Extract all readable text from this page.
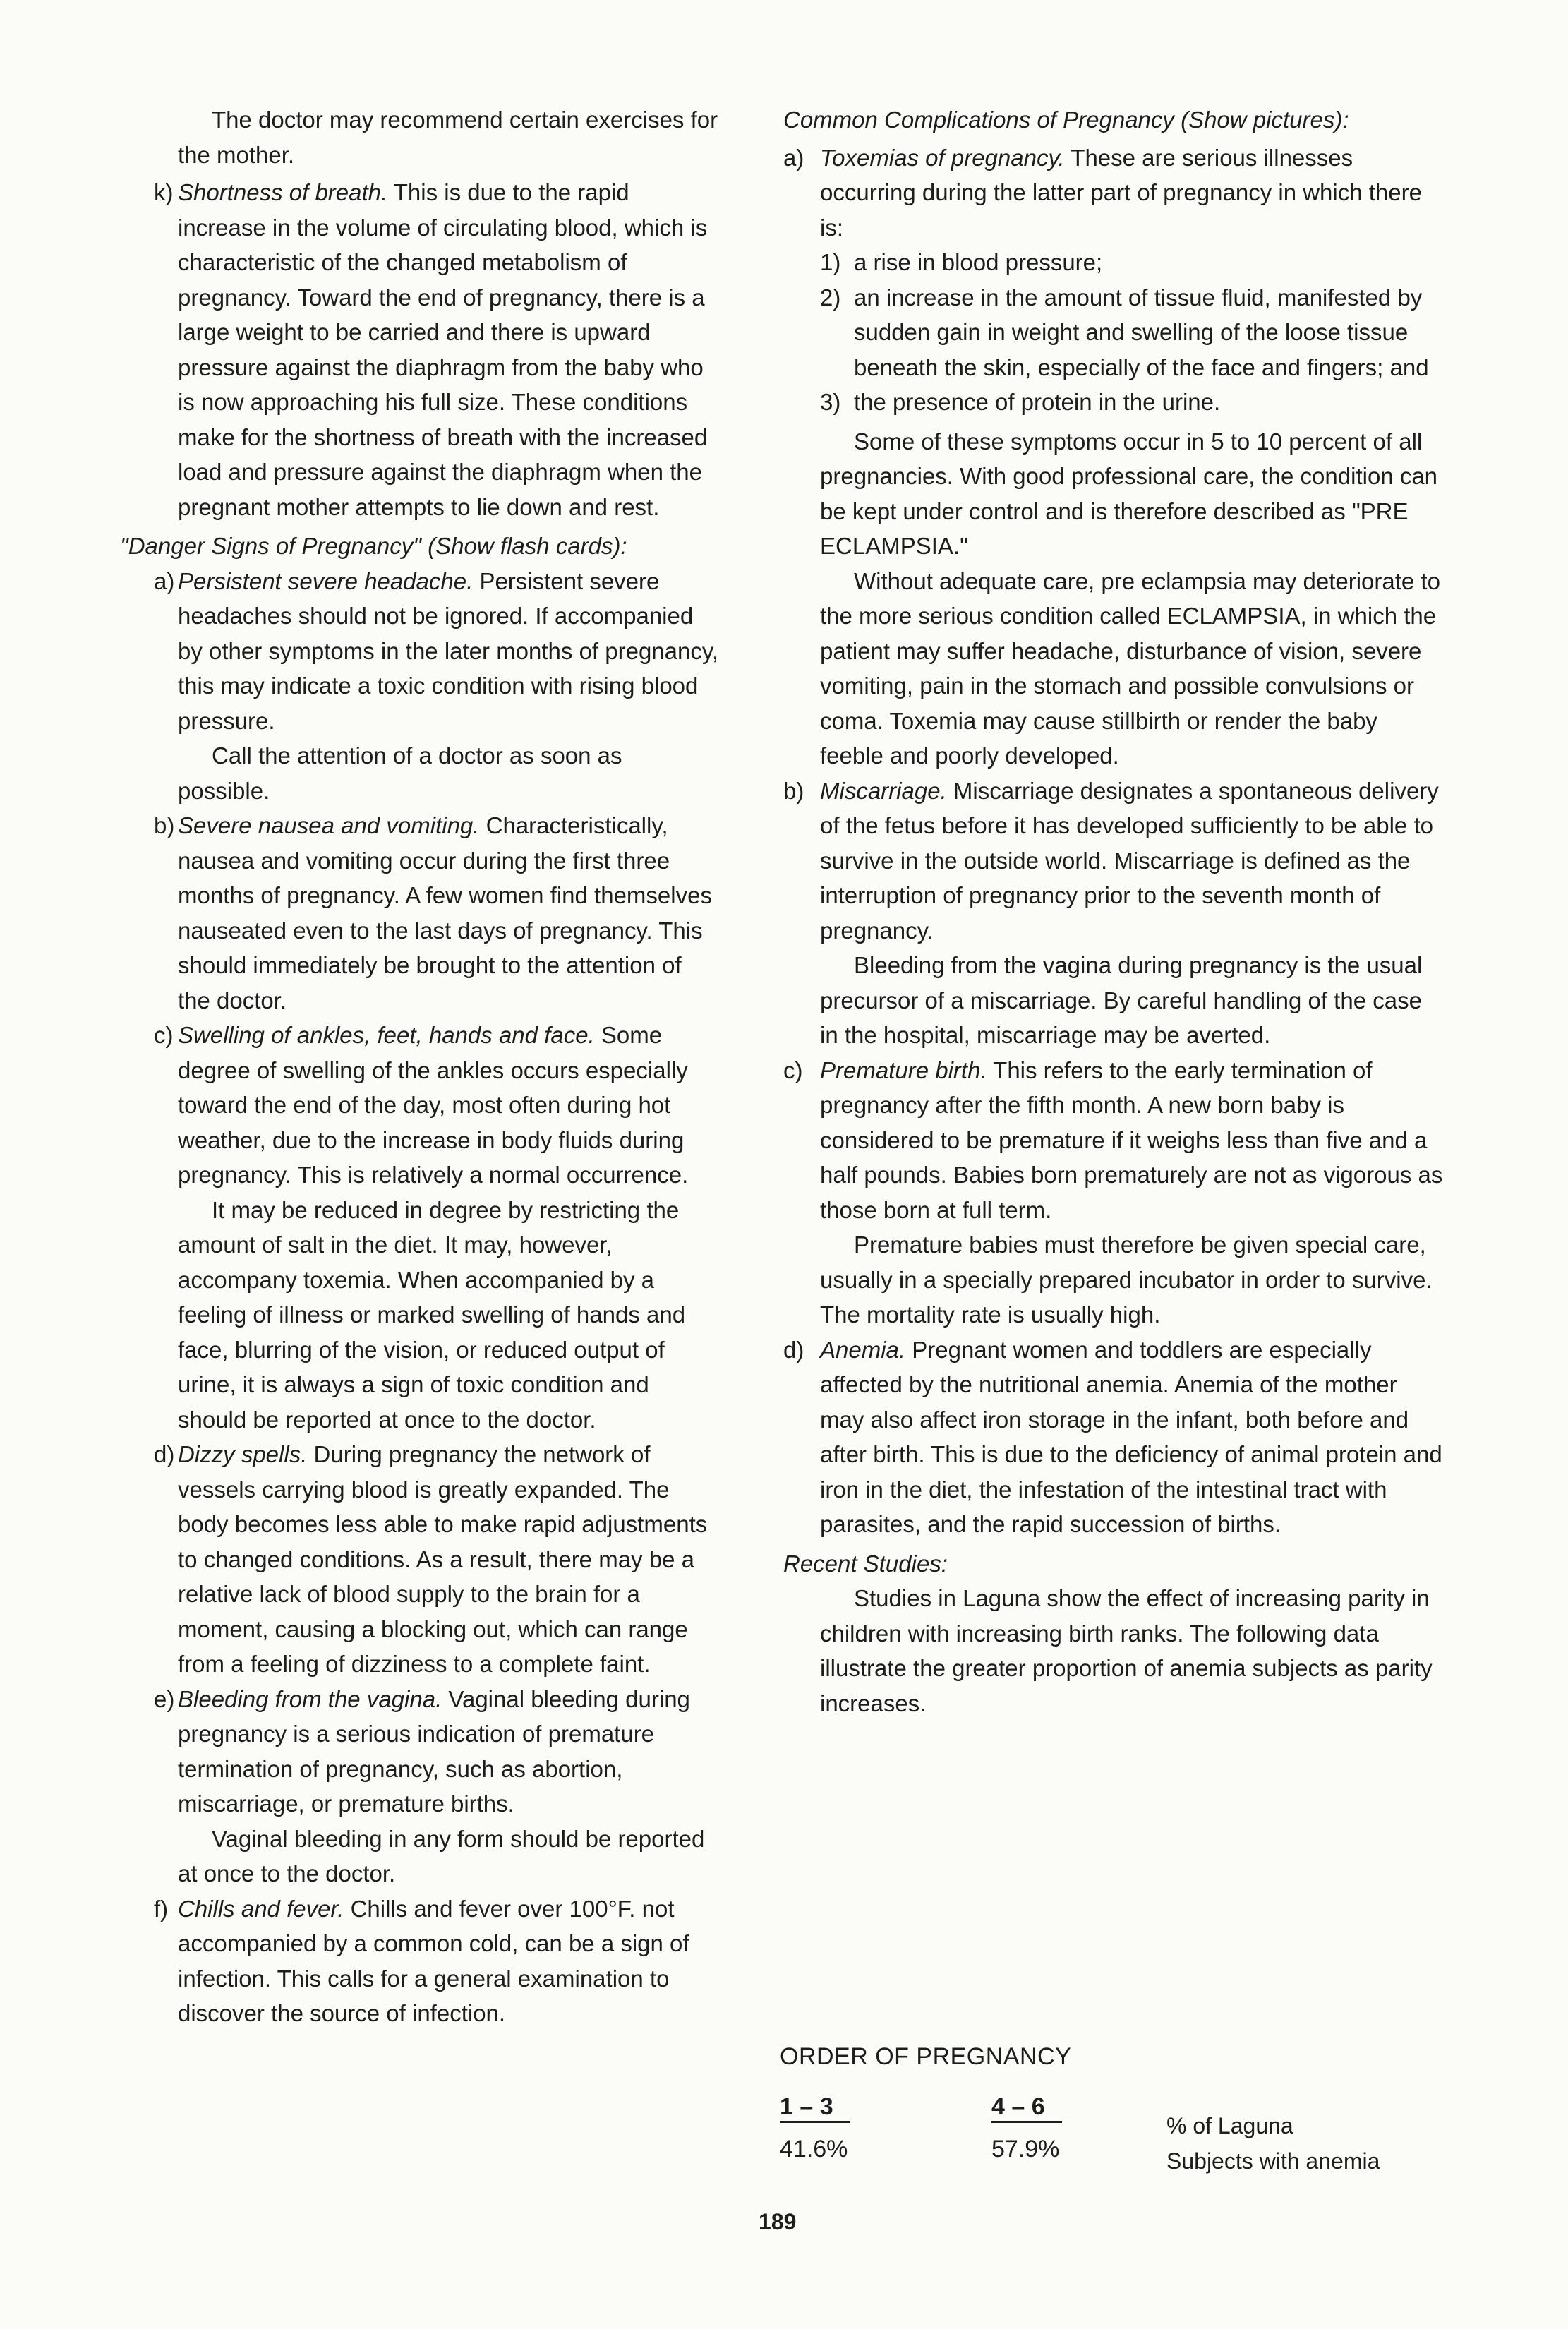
The doctor may recommend certain exercises for the mother.

k) Shortness of breath. This is due to the rapid increase in the volume of circulating blood, which is characteristic of the changed metabolism of pregnancy. Toward the end of pregnancy, there is a large weight to be carried and there is upward pressure against the diaphragm from the baby who is now approaching his full size. These conditions make for the shortness of breath with the increased load and pressure against the diaphragm when the pregnant mother attempts to lie down and rest.

"Danger Signs of Pregnancy" (Show flash cards):

a) Persistent severe headache. Persistent severe headaches should not be ignored. If accompanied by other symptoms in the later months of pregnancy, this may indicate a toxic condition with rising blood pressure.

Call the attention of a doctor as soon as possible.

b) Severe nausea and vomiting. Characteristically, nausea and vomiting occur during the first three months of pregnancy. A few women find themselves nauseated even to the last days of pregnancy. This should immediately be brought to the attention of the doctor.
c) Swelling of ankles, feet, hands and face. Some degree of swelling of the ankles occurs especially toward the end of the day, most often during hot weather, due to the increase in body fluids during pregnancy. This is relatively a normal occurrence.

It may be reduced in degree by restricting the amount of salt in the diet. It may, however, accompany toxemia. When accompanied by a feeling of illness or marked swelling of hands and face, blurring of the vision, or reduced output of urine, it is always a sign of toxic condition and should be reported at once to the doctor.

d) Dizzy spells. During pregnancy the network of vessels carrying blood is greatly expanded. The body becomes less able to make rapid adjustments to changed conditions. As a result, there may be a relative lack of blood supply to the brain for a moment, causing a blocking out, which can range from a feeling of dizziness to a complete faint.
e) Bleeding from the vagina. Vaginal bleeding during pregnancy is a serious indication of premature termination of pregnancy, such as abortion, miscarriage, or premature births.

Vaginal bleeding in any form should be reported at once to the doctor.

f) Chills and fever. Chills and fever over 100°F. not accompanied by a common cold, can be a sign of infection. This calls for a general examination to discover the source of infection.

Common Complications of Pregnancy (Show pictures):

a) Toxemias of pregnancy. These are serious illnesses occurring during the latter part of pregnancy in which there is:
1) a rise in blood pressure;
2) an increase in the amount of tissue fluid, manifested by sudden gain in weight and swelling of the loose tissue beneath the skin, especially of the face and fingers; and
3) the presence of protein in the urine.

Some of these symptoms occur in 5 to 10 percent of all pregnancies. With good professional care, the condition can be kept under control and is therefore described as "PRE ECLAMPSIA."

Without adequate care, pre eclampsia may deteriorate to the more serious condition called ECLAMPSIA, in which the patient may suffer headache, disturbance of vision, severe vomiting, pain in the stomach and possible convulsions or coma. Toxemia may cause stillbirth or render the baby feeble and poorly developed.

b) Miscarriage. Miscarriage designates a spontaneous delivery of the fetus before it has developed sufficiently to be able to survive in the outside world. Miscarriage is defined as the interruption of pregnancy prior to the seventh month of pregnancy.

Bleeding from the vagina during pregnancy is the usual precursor of a miscarriage. By careful handling of the case in the hospital, miscarriage may be averted.

c) Premature birth. This refers to the early termination of pregnancy after the fifth month. A new born baby is considered to be premature if it weighs less than five and a half pounds. Babies born prematurely are not as vigorous as those born at full term.

Premature babies must therefore be given special care, usually in a specially prepared incubator in order to survive. The mortality rate is usually high.

d) Anemia. Pregnant women and toddlers are especially affected by the nutritional anemia. Anemia of the mother may also affect iron storage in the infant, both before and after birth. This is due to the deficiency of animal protein and iron in the diet, the infestation of the intestinal tract with parasites, and the rapid succession of births.

Recent Studies:

Studies in Laguna show the effect of increasing parity in children with increasing birth ranks. The following data illustrate the greater proportion of anemia subjects as parity increases.

ORDER OF PREGNANCY
1 – 3	4 – 6
41.6%	57.9%
% of Laguna
Subjects with anemia
189
